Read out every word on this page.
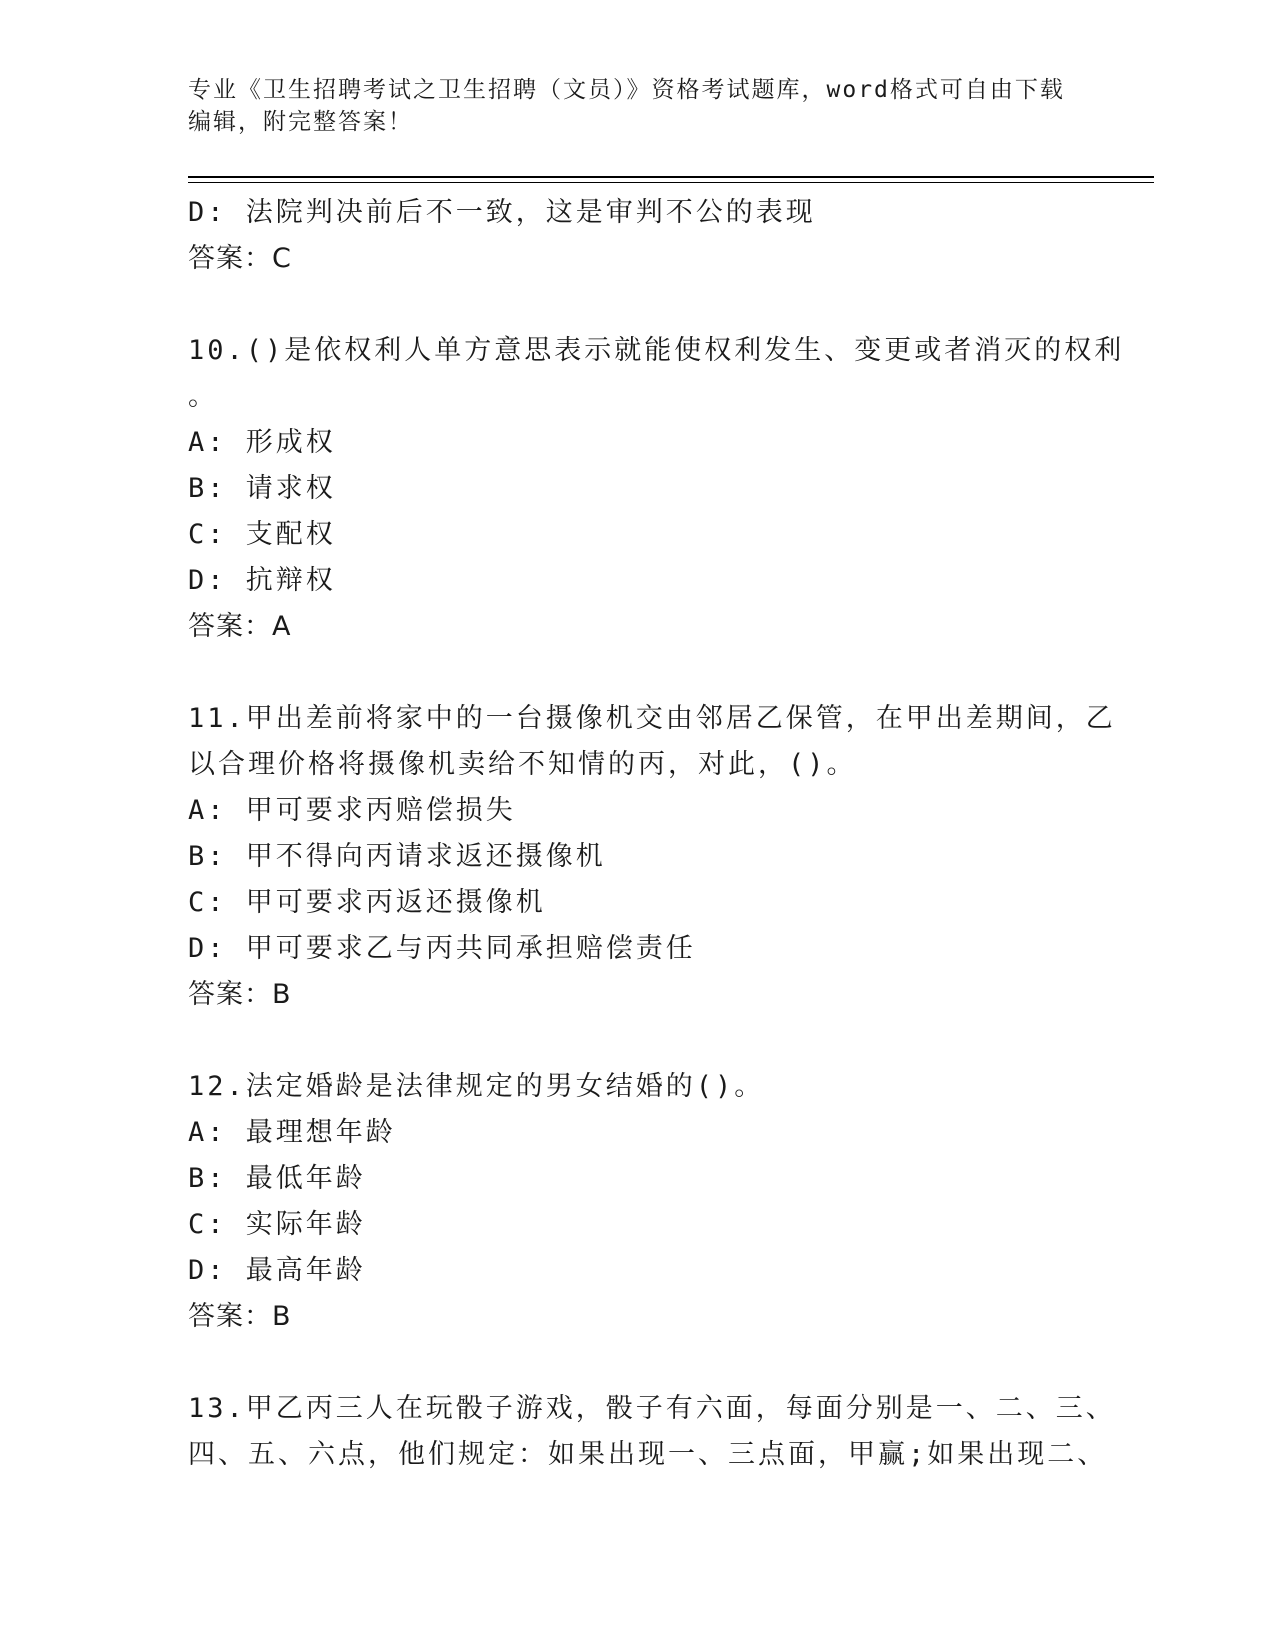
专业《卫生招聘考试之卫生招聘（文员）》资格考试题库，word格式可自由下载
编辑，附完整答案！
D: 法院判决前后不一致，这是审判不公的表现
答案：C
10.()是依权利人单方意思表示就能使权利发生、变更或者消灭的权利
。
A: 形成权
B: 请求权
C: 支配权
D: 抗辩权
答案：A
11.甲出差前将家中的一台摄像机交由邻居乙保管，在甲出差期间，乙
以合理价格将摄像机卖给不知情的丙，对此，()。
A: 甲可要求丙赔偿损失
B: 甲不得向丙请求返还摄像机
C: 甲可要求丙返还摄像机
D: 甲可要求乙与丙共同承担赔偿责任
答案：B
12.法定婚龄是法律规定的男女结婚的()。
A: 最理想年龄
B: 最低年龄
C: 实际年龄
D: 最高年龄
答案：B
13.甲乙丙三人在玩骰子游戏，骰子有六面，每面分别是一、二、三、
四、五、六点，他们规定：如果出现一、三点面，甲赢;如果出现二、
